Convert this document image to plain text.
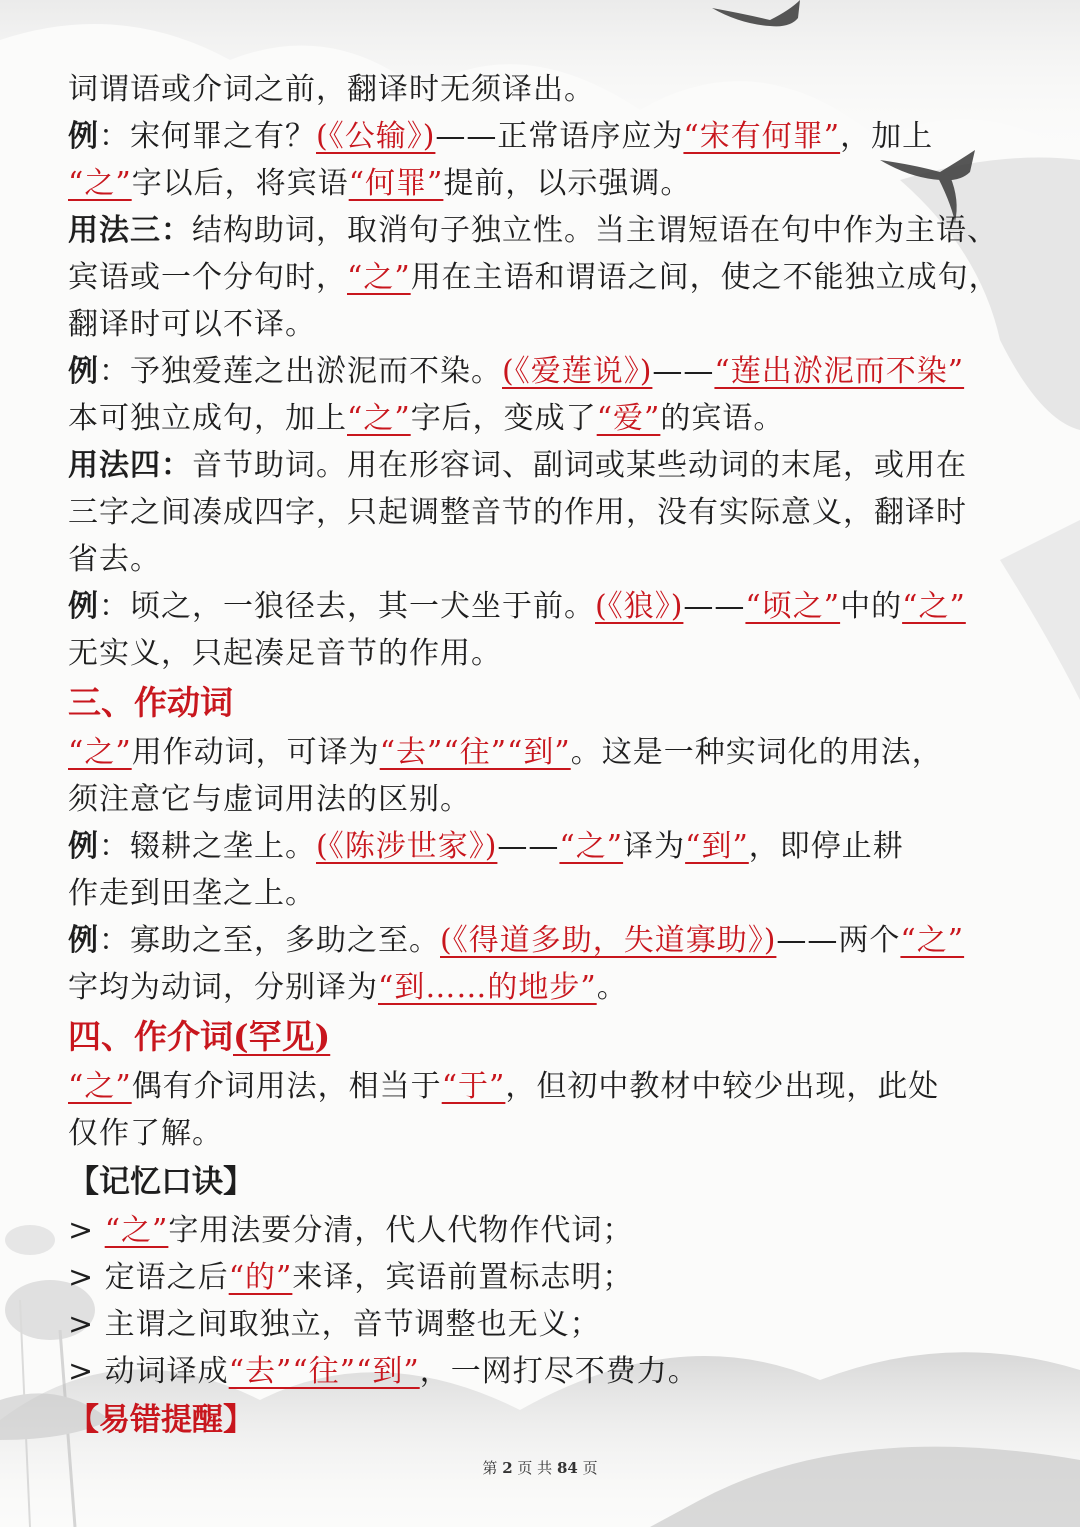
词谓语或介词之前，翻译时无须译出。

例：宋何罪之有？(《公输》)——正常语序应为“宋有何罪”，加上

“之”字以后，将宾语“何罪”提前，以示强调。

用法三：结构助词，取消句子独立性。当主谓短语在句中作为主语、

宾语或一个分句时，“之”用在主语和谓语之间，使之不能独立成句，

翻译时可以不译。

例：予独爱莲之出淤泥而不染。(《爱莲说》)——“莲出淤泥而不染”

本可独立成句，加上“之”字后，变成了“爱”的宾语。

用法四：音节助词。用在形容词、副词或某些动词的末尾，或用在

三字之间凑成四字，只起调整音节的作用，没有实际意义，翻译时

省去。

例：顷之，一狼径去，其一犬坐于前。(《狼》)——“顷之”中的“之”

无实义，只起凑足音节的作用。

三、作动词

“之”用作动词，可译为“去”“往”“到”。这是一种实词化的用法，

须注意它与虚词用法的区别。

例：辍耕之垄上。(《陈涉世家》)——“之”译为“到”，即停止耕

作走到田垄之上。

例：寡助之至，多助之至。(《得道多助，失道寡助》)——两个“之”

字均为动词，分别译为“到……的地步”。

四、作介词(罕见)

“之”偶有介词用法，相当于“于”，但初中教材中较少出现，此处

仅作了解。

【记忆口诀】

> “之”字用法要分清，代人代物作代词；

> 定语之后“的”来译，宾语前置标志明；

> 主谓之间取独立，音节调整也无义；

> 动词译成“去”“往”“到”，一网打尽不费力。

【易错提醒】

第 2 页 共 84 页
